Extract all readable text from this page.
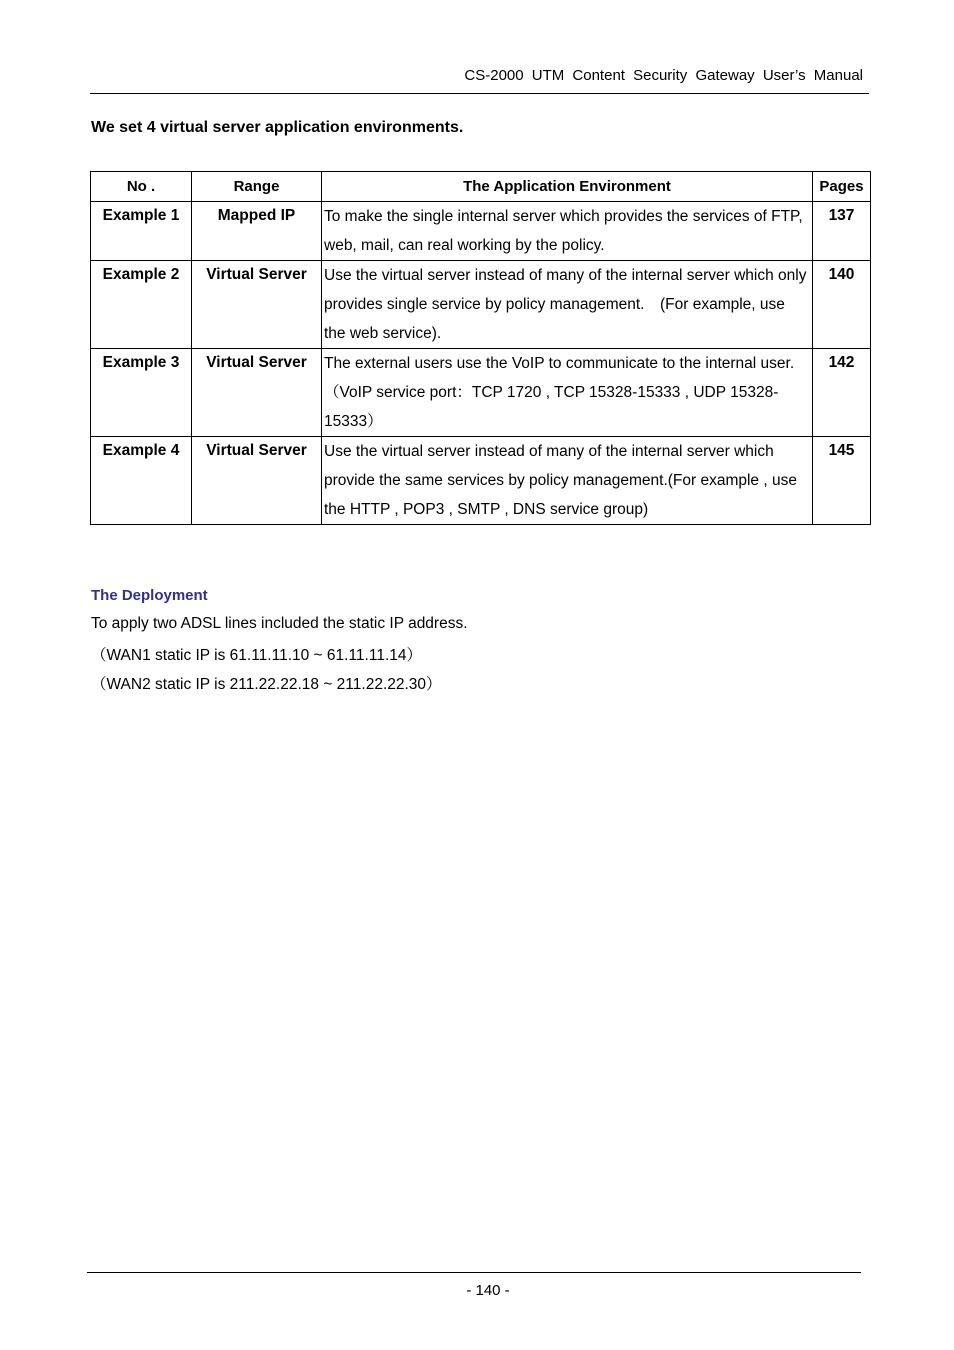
CS-2000 UTM Content Security Gateway User’s Manual
We set 4 virtual server application environments.
No .	Range	The Application Environment	Pages
Example 1	Mapped IP	To make the single internal server which provides the services of FTP, web, mail, can real working by the policy.	137
Example 2	Virtual Server	Use the virtual server instead of many of the internal server which only provides single service by policy management.　(For example, use the web service).	140
Example 3	Virtual Server	The external users use the VoIP to communicate to the internal user.（VoIP service port：TCP 1720 , TCP 15328-15333 , UDP 15328-15333）	142
Example 4	Virtual Server	Use the virtual server instead of many of the internal server which provide the same services by policy management.(For example , use the HTTP , POP3 , SMTP , DNS service group)	145
The Deployment
To apply two ADSL lines included the static IP address.
（WAN1 static IP is 61.11.11.10 ~ 61.11.11.14）
（WAN2 static IP is 211.22.22.18 ~ 211.22.22.30）
- 140 -
